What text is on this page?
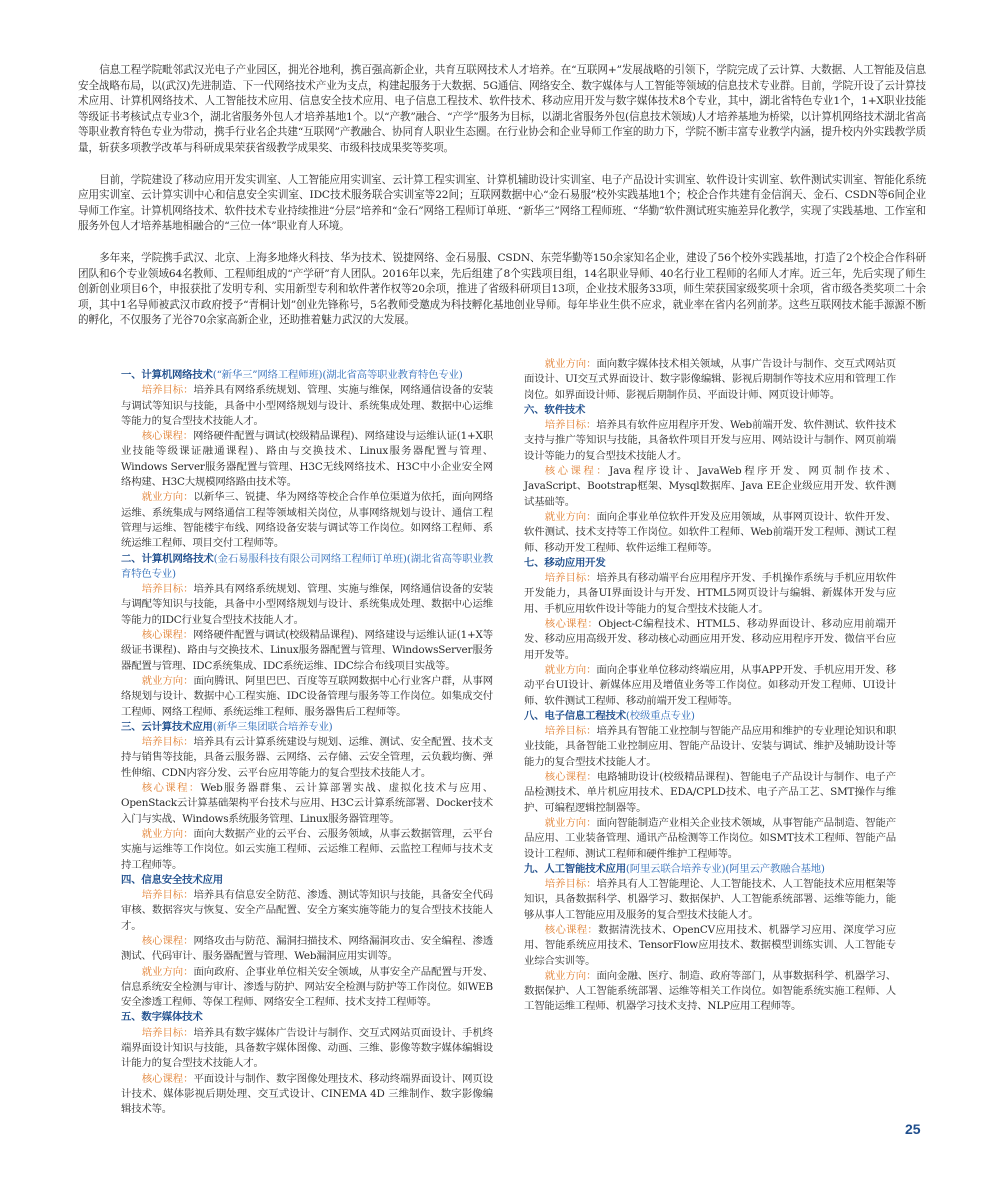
信息工程学院毗邻武汉光电子产业园区，拥光谷地利，携百强高新企业，共育互联网技术人才培养。在“互联网+”发展战略的引领下，学院完成了云计算、大数据、人工智能及信息安全战略布局，以(武汉)先进制造、下一代网络技术产业为支点，构建起服务于大数据、5G通信、网络安全、数字媒体与人工智能等领域的信息技术专业群。目前，学院开设了云计算技术应用、计算机网络技术、人工智能技术应用、信息安全技术应用、电子信息工程技术、软件技术、移动应用开发与数字媒体技术8个专业，其中，湖北省特色专业1个，1+X职业技能等级证书考核试点专业3个，湖北省服务外包人才培养基地1个。以“产教”融合、“产学”服务为目标，以湖北省服务外包(信息技术领域)人才培养基地为桥梁，以计算机网络技术湖北省高等职业教育特色专业为带动，携手行业名企共建“互联网”产教融合、协同育人职业生态圈。在行业协会和企业导师工作室的助力下，学院不断丰富专业教学内涵，提升校内外实践教学质量，斩获多项教学改革与科研成果荣获省级教学成果奖、市级科技成果奖等奖项。

目前，学院建设了移动应用开发实训室、人工智能应用实训室、云计算工程实训室、计算机辅助设计实训室、电子产品设计实训室、软件设计实训室、软件测试实训室、智能化系统应用实训室、云计算实训中心和信息安全实训室、IDC技术服务联合实训室等22间；互联网数据中心“金石易服”校外实践基地1个；校企合作共建有金信润天、金石、CSDN等6间企业导师工作室。计算机网络技术、软件技术专业持续推进“分层”培养和“金石”网络工程师订单班、“新华三”网络工程师班、“华勤”软件测试班实施差异化教学，实现了实践基地、工作室和服务外包人才培养基地相融合的“三位一体”职业育人环境。

多年来，学院携手武汉、北京、上海多地烽火科技、华为技术、锐捷网络、金石易服、CSDN、东莞华勤等150余家知名企业，建设了56个校外实践基地，打造了2个校企合作科研团队和6个专业领域64名教师、工程师组成的“产学研”育人团队。2016年以来，先后组建了8个实践项目组，14名职业导师、40名行业工程师的名师人才库。近三年，先后实现了师生创新创业项目6个，申报获批了发明专利、实用新型专利和软件著作权等20余项，推进了省级科研项目13项，企业技术服务33项，师生荣获国家级奖项十余项，省市级各类奖项二十余项，其中1名导师被武汉市政府授予“青桐计划”创业先锋称号，5名教师受邀成为科技孵化基地创业导师。每年毕业生供不应求，就业率在省内名列前茅。这些互联网技术能手源源不断的孵化，不仅服务了光谷70余家高新企业，还助推着魅力武汉的大发展。

一、计算机网络技术(“新华三”网络工程师班)(湖北省高等职业教育特色专业)

培养目标：培养具有网络系统规划、管理、实施与维保，网络通信设备的安装与调试等知识与技能，具备中小型网络规划与设计、系统集成处理、数据中心运维等能力的复合型技术技能人才。

核心课程：网络硬件配置与调试(校级精品课程)、网络建设与运维认证(1+X职业技能等级课证融通课程)、路由与交换技术、Linux服务器配置与管理、Windows Server服务器配置与管理、H3C无线网络技术、H3C中小企业安全网络构建、H3C大规模网络路由技术等。

就业方向：以新华三、锐捷、华为网络等校企合作单位渠道为依托，面向网络运维、系统集成与网络通信工程等领域相关岗位，从事网络规划与设计、通信工程管理与运维、智能楼宇布线、网络设备安装与调试等工作岗位。如网络工程师、系统运维工程师、项目交付工程师等。

二、计算机网络技术(金石易服科技有限公司网络工程师订单班)(湖北省高等职业教育特色专业)

培养目标：培养具有网络系统规划、管理、实施与维保，网络通信设备的安装与调配等知识与技能，具备中小型网络规划与设计、系统集成处理、数据中心运维等能力的IDC行业复合型技术技能人才。

核心课程：网络硬件配置与调试(校级精品课程)、网络建设与运维认证(1+X等级证书课程)、路由与交换技术、Linux服务器配置与管理、WindowsServer服务器配置与管理、IDC系统集成、IDC系统运维、IDC综合布线项目实战等。

就业方向：面向腾讯、阿里巴巴、百度等互联网数据中心行业客户群，从事网络规划与设计、数据中心工程实施、IDC设备管理与服务等工作岗位。如集成交付工程师、网络工程师、系统运维工程师、服务器售后工程师等。

三、云计算技术应用(新华三集团联合培养专业)

培养目标：培养具有云计算系统建设与规划、运维、测试、安全配置、技术支持与销售等技能，具备云服务器、云网络、云存储、云安全管理，云负载均衡、弹性伸缩、CDN内容分发、云平台应用等能力的复合型技术技能人才。

核心课程：Web服务器群集、云计算部署实战、虚拟化技术与应用、OpenStack云计算基础架构平台技术与应用、H3C云计算系统部署、Docker技术入门与实战、Windows系统服务管理、Linux服务器管理等。

就业方向：面向大数据产业的云平台、云服务领域，从事云数据管理，云平台实施与运维等工作岗位。如云实施工程师、云运维工程师、云监控工程师与技术支持工程师等。

四、信息安全技术应用

培养目标：培养具有信息安全防范、渗透、测试等知识与技能，具备安全代码审核、数据容灾与恢复、安全产品配置、安全方案实施等能力的复合型技术技能人才。

核心课程：网络攻击与防范、漏洞扫描技术、网络漏洞攻击、安全编程、渗透测试、代码审计、服务器配置与管理、Web漏洞应用实训等。

就业方向：面向政府、企事业单位相关安全领域，从事安全产品配置与开发、信息系统安全检测与审计、渗透与防护、网站安全检测与防护等工作岗位。如WEB安全渗透工程师、等保工程师、网络安全工程师、技术支持工程师等。

五、数字媒体技术

培养目标：培养具有数字媒体广告设计与制作、交互式网站页面设计、手机终端界面设计知识与技能，具备数字媒体图像、动画、三维、影像等数字媒体编辑设计能力的复合型技术技能人才。

核心课程：平面设计与制作、数字图像处理技术、移动终端界面设计、网页设计技术、媒体影视后期处理、交互式设计、CINEMA 4D 三维制作、数字影像编辑技术等。

就业方向：面向数字媒体技术相关领域，从事广告设计与制作、交互式网站页面设计、UI交互式界面设计、数字影像编辑、影视后期制作等技术应用和管理工作岗位。如界面设计师、影视后期制作员、平面设计师、网页设计师等。

六、软件技术

培养目标：培养具有软件应用程序开发、Web前端开发、软件测试、软件技术支持与推广等知识与技能，具备软件项目开发与应用、网站设计与制作、网页前端设计等能力的复合型技术技能人才。

核心课程：Java程序设计、JavaWeb程序开发、网页制作技术、JavaScript、Bootstrap框架、Mysql数据库、Java EE企业级应用开发、软件测试基础等。

就业方向：面向企事业单位软件开发及应用领域，从事网页设计、软件开发、软件测试、技术支持等工作岗位。如软件工程师、Web前端开发工程师、测试工程师、移动开发工程师、软件运维工程师等。

七、移动应用开发

培养目标：培养具有移动端平台应用程序开发、手机操作系统与手机应用软件开发能力，具备UI界面设计与开发、HTML5网页设计与编辑、新媒体开发与应用、手机应用软件设计等能力的复合型技术技能人才。

核心课程：Object-C编程技术、HTML5、移动界面设计、移动应用前端开发、移动应用高级开发、移动核心动画应用开发、移动应用程序开发、微信平台应用开发等。

就业方向：面向企事业单位移动终端应用，从事APP开发、手机应用开发、移动平台UI设计、新媒体应用及增值业务等工作岗位。如移动开发工程师、UI设计师、软件测试工程师、移动前端开发工程师等。

八、电子信息工程技术(校级重点专业)

培养目标：培养具有智能工业控制与智能产品应用和维护的专业理论知识和职业技能，具备智能工业控制应用、智能产品设计、安装与调试、维护及辅助设计等能力的复合型技术技能人才。

核心课程：电路辅助设计(校级精品课程)、智能电子产品设计与制作、电子产品检测技术、单片机应用技术、EDA/CPLD技术、电子产品工艺、SMT操作与维护、可编程逻辑控制器等。

就业方向：面向智能制造产业相关企业技术领域，从事智能产品制造、智能产品应用、工业装备管理、通讯产品检测等工作岗位。如SMT技术工程师、智能产品设计工程师、测试工程师和硬件维护工程师等。

九、人工智能技术应用(阿里云联合培养专业)(阿里云产教融合基地)

培养目标：培养具有人工智能理论、人工智能技术、人工智能技术应用框架等知识，具备数据科学、机器学习、数据保护、人工智能系统部署、运维等能力，能够从事人工智能应用及服务的复合型技术技能人才。

核心课程：数据清洗技术、OpenCV应用技术、机器学习应用、深度学习应用、智能系统应用技术、TensorFlow应用技术、数据模型训练实训、人工智能专业综合实训等。

就业方向：面向金融、医疗、制造、政府等部门，从事数据科学、机器学习、数据保护、人工智能系统部署、运维等相关工作岗位。如智能系统实施工程师、人工智能运维工程师、机器学习技术支持、NLP应用工程师等。

25
